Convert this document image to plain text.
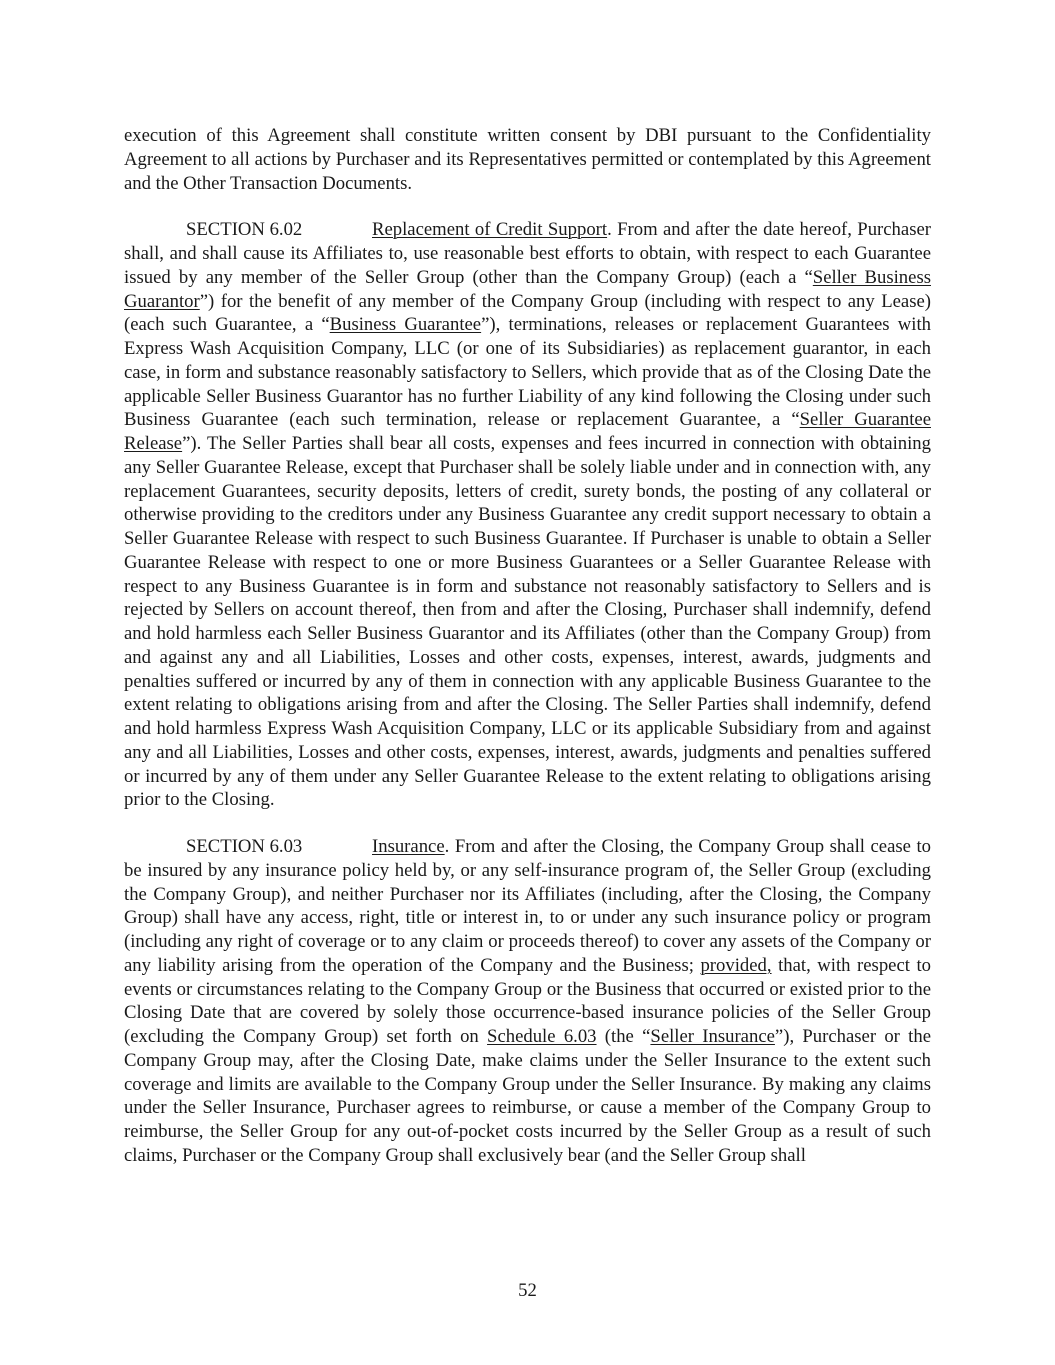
execution of this Agreement shall constitute written consent by DBI pursuant to the Confidentiality Agreement to all actions by Purchaser and its Representatives permitted or contemplated by this Agreement and the Other Transaction Documents.

SECTION 6.02	Replacement of Credit Support. From and after the date hereof, Purchaser shall, and shall cause its Affiliates to, use reasonable best efforts to obtain, with respect to each Guarantee issued by any member of the Seller Group (other than the Company Group) (each a “Seller Business Guarantor”) for the benefit of any member of the Company Group (including with respect to any Lease) (each such Guarantee, a “Business Guarantee”), terminations, releases or replacement Guarantees with Express Wash Acquisition Company, LLC (or one of its Subsidiaries) as replacement guarantor, in each case, in form and substance reasonably satisfactory to Sellers, which provide that as of the Closing Date the applicable Seller Business Guarantor has no further Liability of any kind following the Closing under such Business Guarantee (each such termination, release or replacement Guarantee, a “Seller Guarantee Release”). The Seller Parties shall bear all costs, expenses and fees incurred in connection with obtaining any Seller Guarantee Release, except that Purchaser shall be solely liable under and in connection with, any replacement Guarantees, security deposits, letters of credit, surety bonds, the posting of any collateral or otherwise providing to the creditors under any Business Guarantee any credit support necessary to obtain a Seller Guarantee Release with respect to such Business Guarantee. If Purchaser is unable to obtain a Seller Guarantee Release with respect to one or more Business Guarantees or a Seller Guarantee Release with respect to any Business Guarantee is in form and substance not reasonably satisfactory to Sellers and is rejected by Sellers on account thereof, then from and after the Closing, Purchaser shall indemnify, defend and hold harmless each Seller Business Guarantor and its Affiliates (other than the Company Group) from and against any and all Liabilities, Losses and other costs, expenses, interest, awards, judgments and penalties suffered or incurred by any of them in connection with any applicable Business Guarantee to the extent relating to obligations arising from and after the Closing. The Seller Parties shall indemnify, defend and hold harmless Express Wash Acquisition Company, LLC or its applicable Subsidiary from and against any and all Liabilities, Losses and other costs, expenses, interest, awards, judgments and penalties suffered or incurred by any of them under any Seller Guarantee Release to the extent relating to obligations arising prior to the Closing.

SECTION 6.03	Insurance. From and after the Closing, the Company Group shall cease to be insured by any insurance policy held by, or any self-insurance program of, the Seller Group (excluding the Company Group), and neither Purchaser nor its Affiliates (including, after the Closing, the Company Group) shall have any access, right, title or interest in, to or under any such insurance policy or program (including any right of coverage or to any claim or proceeds thereof) to cover any assets of the Company or any liability arising from the operation of the Company and the Business; provided, that, with respect to events or circumstances relating to the Company Group or the Business that occurred or existed prior to the Closing Date that are covered by solely those occurrence-based insurance policies of the Seller Group (excluding the Company Group) set forth on Schedule 6.03 (the “Seller Insurance”), Purchaser or the Company Group may, after the Closing Date, make claims under the Seller Insurance to the extent such coverage and limits are available to the Company Group under the Seller Insurance. By making any claims under the Seller Insurance, Purchaser agrees to reimburse, or cause a member of the Company Group to reimburse, the Seller Group for any out-of-pocket costs incurred by the Seller Group as a result of such claims, Purchaser or the Company Group shall exclusively bear (and the Seller Group shall

52
